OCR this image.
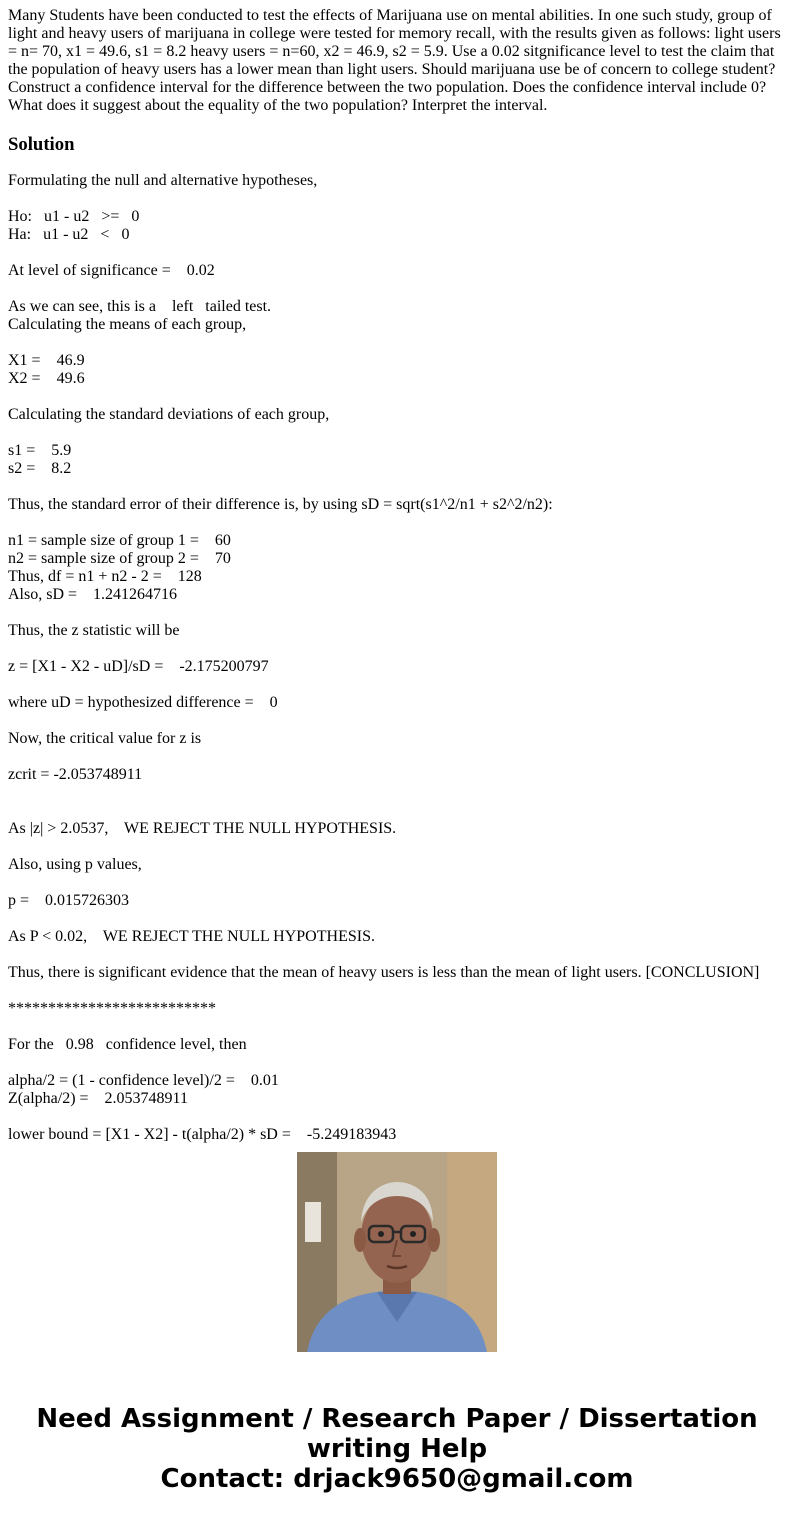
Many Students have been conducted to test the effects of Marijuana use on mental abilities. In one such study, group of light and heavy users of marijuana in college were tested for memory recall, with the results given as follows: light users = n= 70, x1 = 49.6, s1 = 8.2 heavy users = n=60, x2 = 46.9, s2 = 5.9. Use a 0.02 sitgnificance level to test the claim that the population of heavy users has a lower mean than light users. Should marijuana use be of concern to college student? Construct a confidence interval for the difference between the two population. Does the confidence interval include 0? What does it suggest about the equality of the two population? Interpret the interval.
Solution
Formulating the null and alternative hypotheses,
Ho:   u1 - u2   >=   0
Ha:   u1 - u2   <   0
At level of significance =    0.02
As we can see, this is a    left   tailed test.
Calculating the means of each group,
X1 =    46.9
X2 =    49.6
Calculating the standard deviations of each group,
s1 =    5.9
s2 =    8.2
Thus, the standard error of their difference is, by using sD = sqrt(s1^2/n1 + s2^2/n2):
n1 = sample size of group 1 =    60
n2 = sample size of group 2 =    70
Thus, df = n1 + n2 - 2 =    128
Also, sD =    1.241264716
Thus, the z statistic will be
z = [X1 - X2 - uD]/sD =    -2.175200797
where uD = hypothesized difference =    0
Now, the critical value for z is
zcrit = -2.053748911
As |z| > 2.0537,    WE REJECT THE NULL HYPOTHESIS.
Also, using p values,
p =    0.015726303
As P < 0.02,    WE REJECT THE NULL HYPOTHESIS.
Thus, there is significant evidence that the mean of heavy users is less than the mean of light users. [CONCLUSION]
**************************
For the   0.98   confidence level, then
alpha/2 = (1 - confidence level)/2 =    0.01
Z(alpha/2) =    2.053748911
lower bound = [X1 - X2] - t(alpha/2) * sD =    -5.249183943
Need Assignment / Research Paper / Dissertation
writing Help
Contact: drjack9650@gmail.com
